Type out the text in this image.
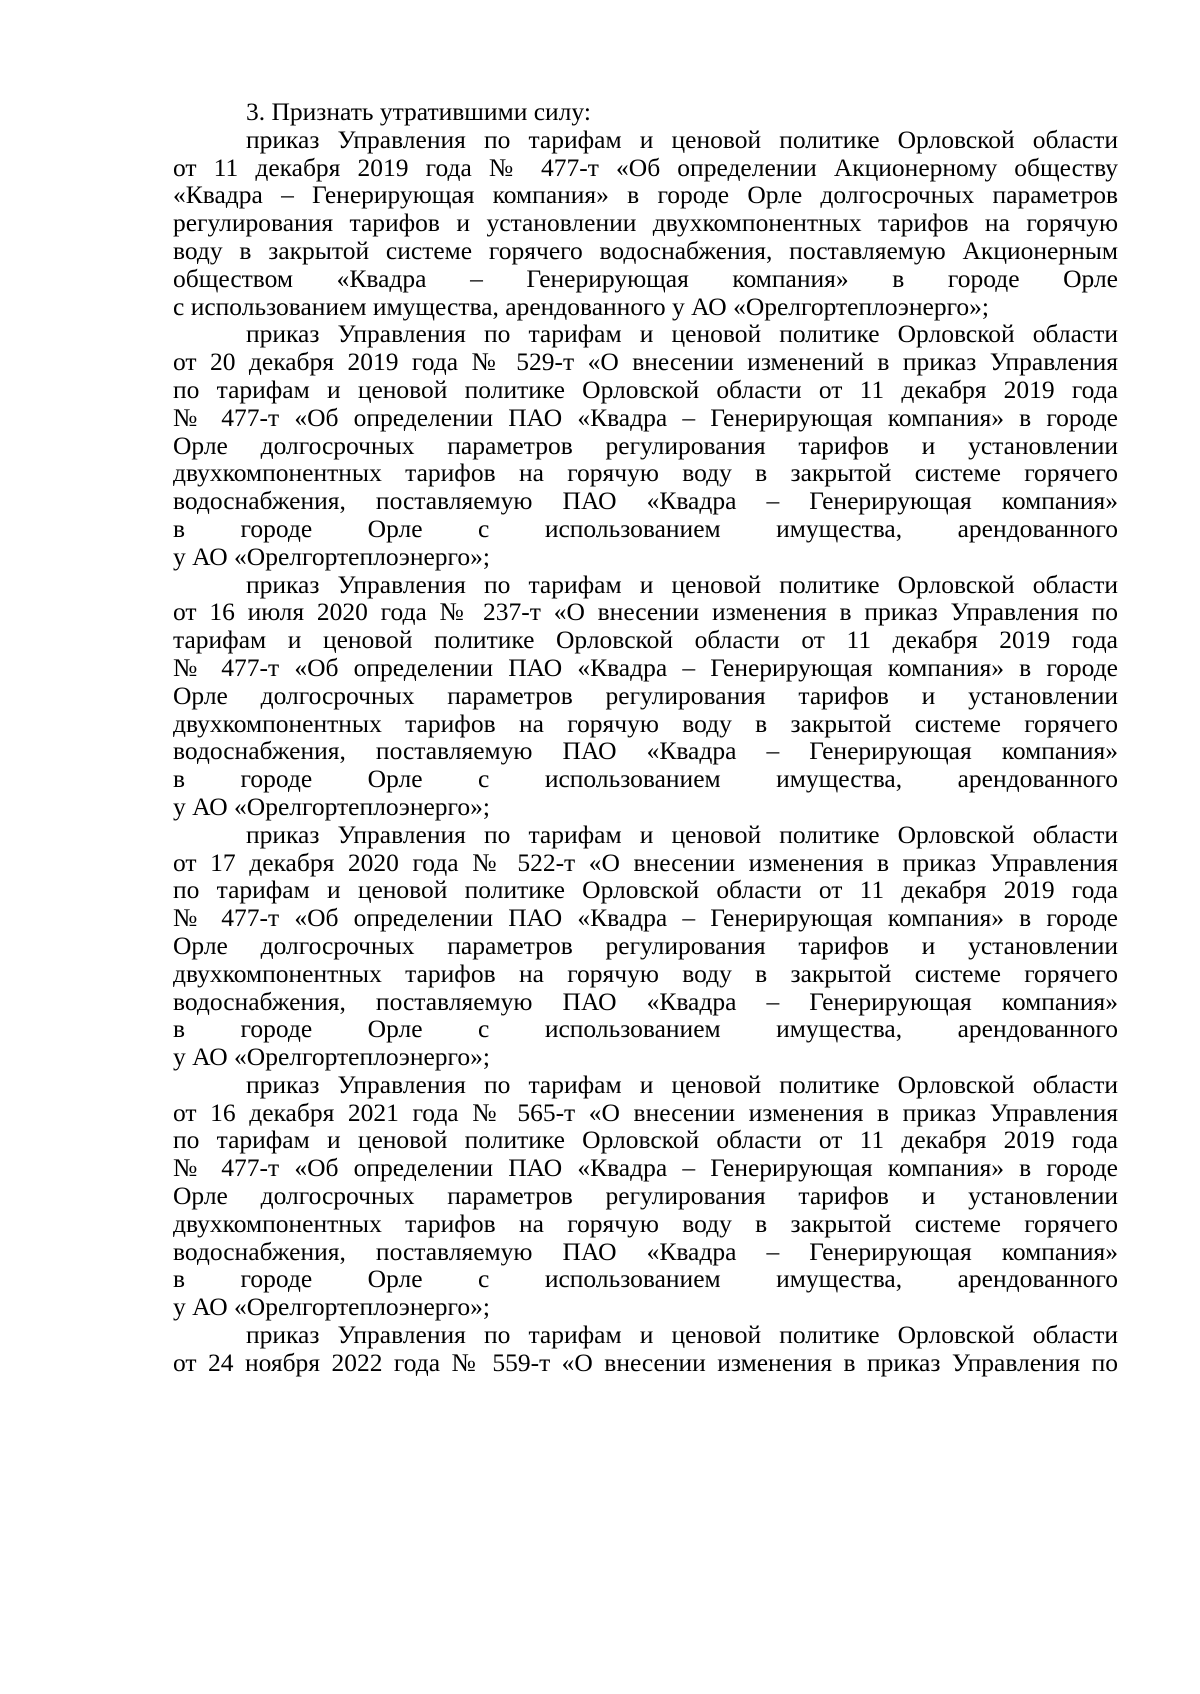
3. Признать утратившими силу:
приказ Управления по тарифам и ценовой политике Орловской области
от 11 декабря 2019 года № 477-т «Об определении Акционерному обществу
«Квадра – Генерирующая компания» в городе Орле долгосрочных параметров
регулирования тарифов и установлении двухкомпонентных тарифов на горячую
воду в закрытой системе горячего водоснабжения, поставляемую Акционерным
обществом «Квадра – Генерирующая компания» в городе Орле
с использованием имущества, арендованного у АО «Орелгортеплоэнерго»;
приказ Управления по тарифам и ценовой политике Орловской области
от 20 декабря 2019 года № 529-т «О внесении изменений в приказ Управления
по тарифам и ценовой политике Орловской области от 11 декабря 2019 года
№ 477-т «Об определении ПАО «Квадра – Генерирующая компания» в городе
Орле долгосрочных параметров регулирования тарифов и установлении
двухкомпонентных тарифов на горячую воду в закрытой системе горячего
водоснабжения, поставляемую ПАО «Квадра – Генерирующая компания»
в городе Орле с использованием имущества, арендованного
у АО «Орелгортеплоэнерго»;
приказ Управления по тарифам и ценовой политике Орловской области
от 16 июля 2020 года № 237-т «О внесении изменения в приказ Управления по
тарифам и ценовой политике Орловской области от 11 декабря 2019 года
№ 477-т «Об определении ПАО «Квадра – Генерирующая компания» в городе
Орле долгосрочных параметров регулирования тарифов и установлении
двухкомпонентных тарифов на горячую воду в закрытой системе горячего
водоснабжения, поставляемую ПАО «Квадра – Генерирующая компания»
в городе Орле с использованием имущества, арендованного
у АО «Орелгортеплоэнерго»;
приказ Управления по тарифам и ценовой политике Орловской области
от 17 декабря 2020 года № 522-т «О внесении изменения в приказ Управления
по тарифам и ценовой политике Орловской области от 11 декабря 2019 года
№ 477-т «Об определении ПАО «Квадра – Генерирующая компания» в городе
Орле долгосрочных параметров регулирования тарифов и установлении
двухкомпонентных тарифов на горячую воду в закрытой системе горячего
водоснабжения, поставляемую ПАО «Квадра – Генерирующая компания»
в городе Орле с использованием имущества, арендованного
у АО «Орелгортеплоэнерго»;
приказ Управления по тарифам и ценовой политике Орловской области
от 16 декабря 2021 года № 565-т «О внесении изменения в приказ Управления
по тарифам и ценовой политике Орловской области от 11 декабря 2019 года
№ 477-т «Об определении ПАО «Квадра – Генерирующая компания» в городе
Орле долгосрочных параметров регулирования тарифов и установлении
двухкомпонентных тарифов на горячую воду в закрытой системе горячего
водоснабжения, поставляемую ПАО «Квадра – Генерирующая компания»
в городе Орле с использованием имущества, арендованного
у АО «Орелгортеплоэнерго»;
приказ Управления по тарифам и ценовой политике Орловской области
от 24 ноября 2022 года № 559-т «О внесении изменения в приказ Управления по
